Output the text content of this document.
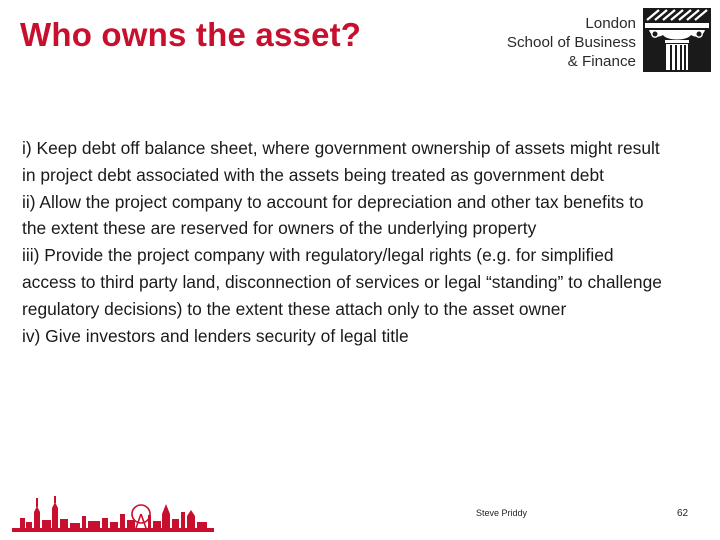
Who owns the asset?	London
School of Business
& Finance

i) Keep debt off balance sheet, where government ownership of assets might result in project debt associated with the assets being treated as government debt

ii) Allow the project company to account for depreciation and other tax benefits to the extent these are reserved for owners of the underlying property

iii) Provide the project company with regulatory/legal rights (e.g. for simplified access to third party land, disconnection of services or legal “standing” to challenge regulatory decisions) to the extent these attach only to the asset owner

iv) Give investors and lenders security of legal title

Steve Priddy	62
